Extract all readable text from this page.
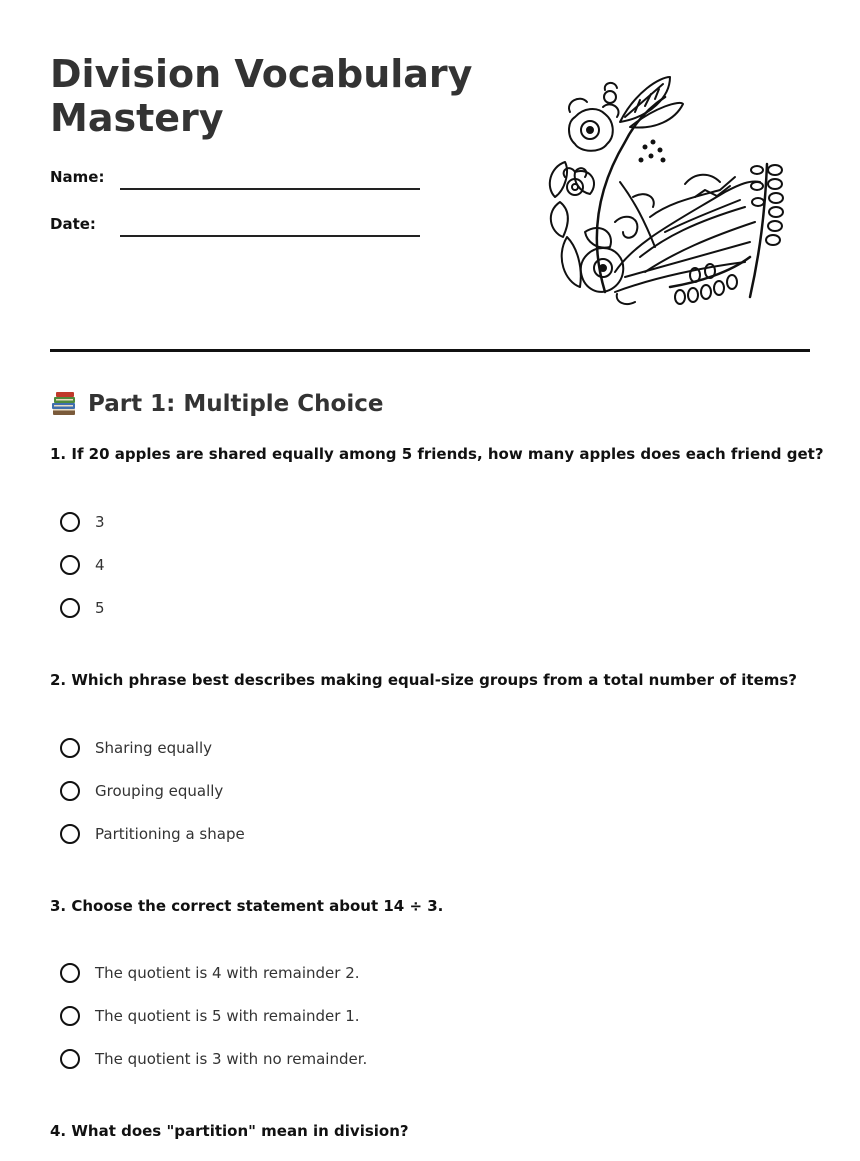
Division Vocabulary Mastery
Name:
Date:
Part 1: Multiple Choice
1. If 20 apples are shared equally among 5 friends, how many apples does each friend get?
3
4
5
2. Which phrase best describes making equal-size groups from a total number of items?
Sharing equally
Grouping equally
Partitioning a shape
3. Choose the correct statement about 14 ÷ 3.
The quotient is 4 with remainder 2.
The quotient is 5 with remainder 1.
The quotient is 3 with no remainder.
4. What does "partition" mean in division?
